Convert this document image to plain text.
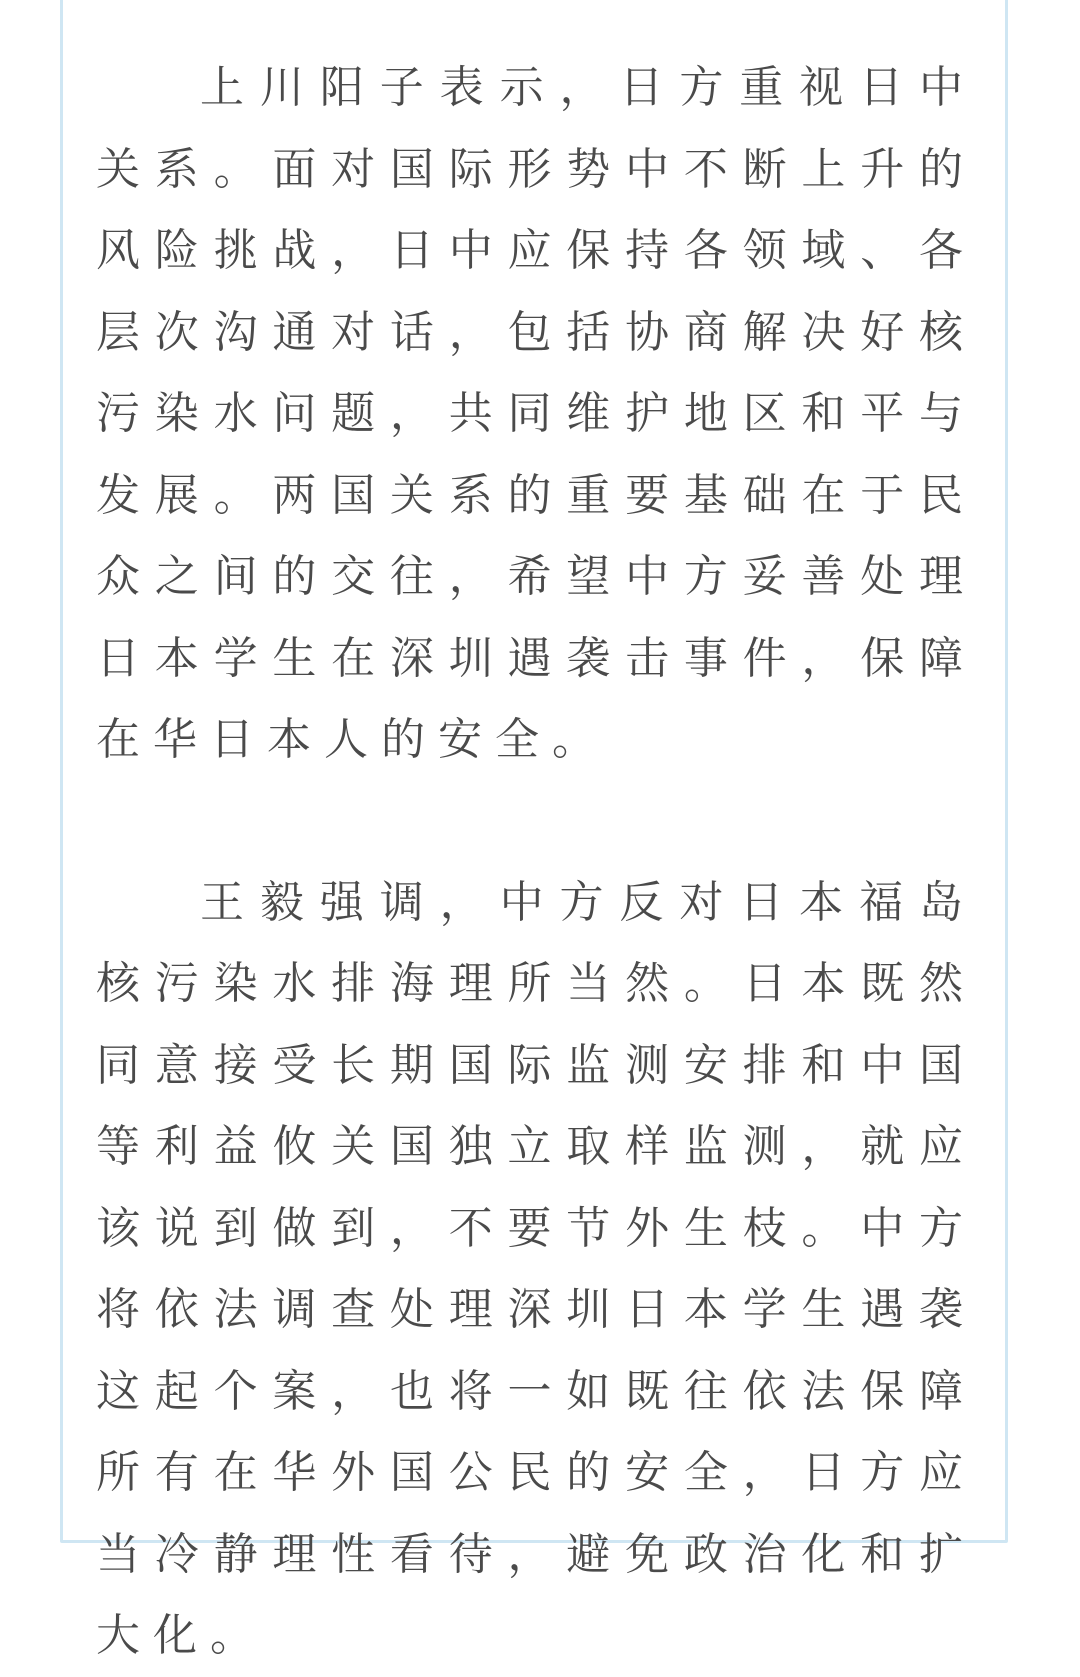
上川阳子表示，日方重视日中关系。面对国际形势中不断上升的风险挑战，日中应保持各领域、各层次沟通对话，包括协商解决好核污染水问题，共同维护地区和平与发展。两国关系的重要基础在于民众之间的交往，希望中方妥善处理日本学生在深圳遇袭击事件，保障在华日本人的安全。

王毅强调，中方反对日本福岛核污染水排海理所当然。日本既然同意接受长期国际监测安排和中国等利益攸关国独立取样监测，就应该说到做到，不要节外生枝。中方将依法调查处理深圳日本学生遇袭这起个案，也将一如既往依法保障所有在华外国公民的安全，日方应当冷静理性看待，避免政治化和扩大化。
